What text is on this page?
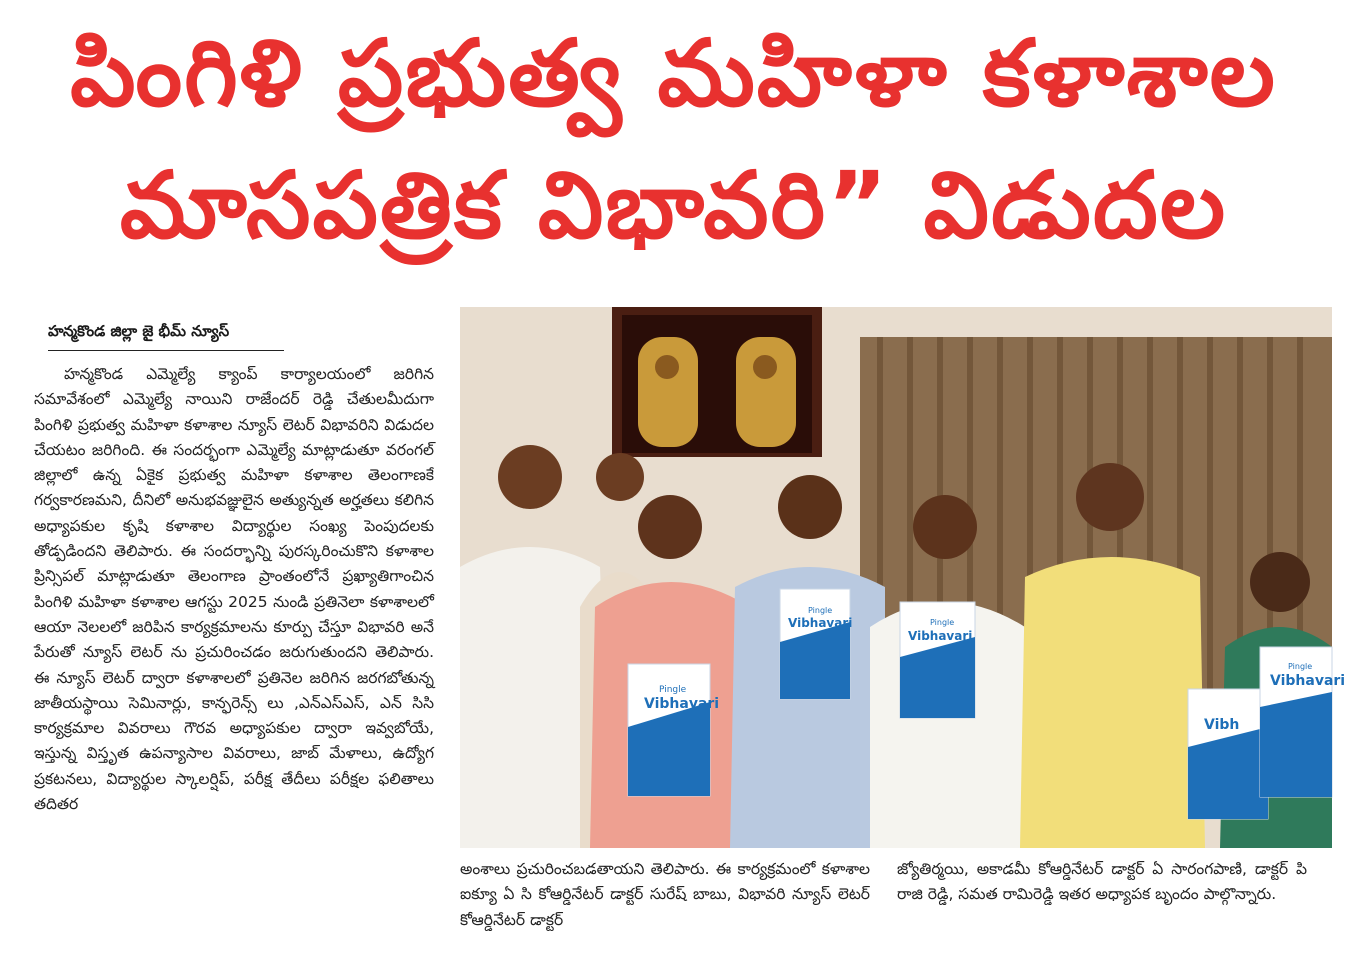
పింగిళి ప్రభుత్వ మహిళా కళాశాల
మాసపత్రిక విభావరి” విడుదల
హన్మకొండ జిల్లా జై భీమ్ న్యూస్
హన్మకొండ ఎమ్మెల్యే క్యాంప్ కార్యాలయంలో జరిగిన సమావేశంలో ఎమ్మెల్యే నాయిని రాజేందర్ రెడ్డి చేతులమీదుగా పింగిళి ప్రభుత్వ మహిళా కళాశాల న్యూస్ లెటర్ విభావరిని విడుదల చేయటం జరిగింది. ఈ సందర్భంగా ఎమ్మెల్యే మాట్లాడుతూ వరంగల్ జిల్లాలో ఉన్న ఏకైక ప్రభుత్వ మహిళా కళాశాల తెలంగాణకే గర్వకారణమని, దీనిలో అనుభవజ్ఞులైన అత్యున్నత అర్హతలు కలిగిన అధ్యాపకుల కృషి కళాశాల విద్యార్థుల సంఖ్య పెంపుదలకు తోడ్పడిందని తెలిపారు. ఈ సందర్భాన్ని పురస్కరించుకొని కళాశాల ప్రిన్సిపల్ మాట్లాడుతూ తెలంగాణ ప్రాంతంలోనే ప్రఖ్యాతిగాంచిన పింగిళి మహిళా కళాశాల ఆగస్టు 2025 నుండి ప్రతినెలా కళాశాలలో ఆయా నెలలలో జరిపిన కార్యక్రమాలను కూర్పు చేస్తూ విభావరి అనే పేరుతో న్యూస్ లెటర్ ను ప్రచురించడం జరుగుతుందని తెలిపారు. ఈ న్యూస్ లెటర్ ద్వారా కళాశాలలో ప్రతినెల జరిగిన జరగబోతున్న జాతీయస్థాయి సెమినార్లు, కాన్ఫరెన్స్ లు ,ఎన్ఎస్ఎస్, ఎన్ సిసి కార్యక్రమాల వివరాలు గౌరవ అధ్యాపకుల ద్వారా ఇవ్వబోయే, ఇస్తున్న విస్తృత ఉపన్యాసాల వివరాలు, జాబ్ మేళాలు, ఉద్యోగ ప్రకటనలు, విద్యార్థుల స్కాలర్షిప్, పరీక్ష తేదీలు పరీక్షల ఫలితాలు తదితర
అంశాలు ప్రచురించబడతాయని తెలిపారు. ఈ కార్యక్రమంలో కళాశాల ఐక్యూ ఏ సి కోఆర్డినేటర్ డాక్టర్ సురేష్ బాబు, విభావరి న్యూస్ లెటర్ కోఆర్డినేటర్ డాక్టర్
జ్యోతిర్మయి, అకాడమీ కోఆర్డినేటర్ డాక్టర్ ఏ సారంగపాణి, డాక్టర్ పి రాజి రెడ్డి, సమత రామిరెడ్డి ఇతర అధ్యాపక బృందం పాల్గొన్నారు.
Pingle
Vibhavari
Pingle
Vibhavari	Pingle
Vibhavari
Vibh
Pingle
Vibhavari
